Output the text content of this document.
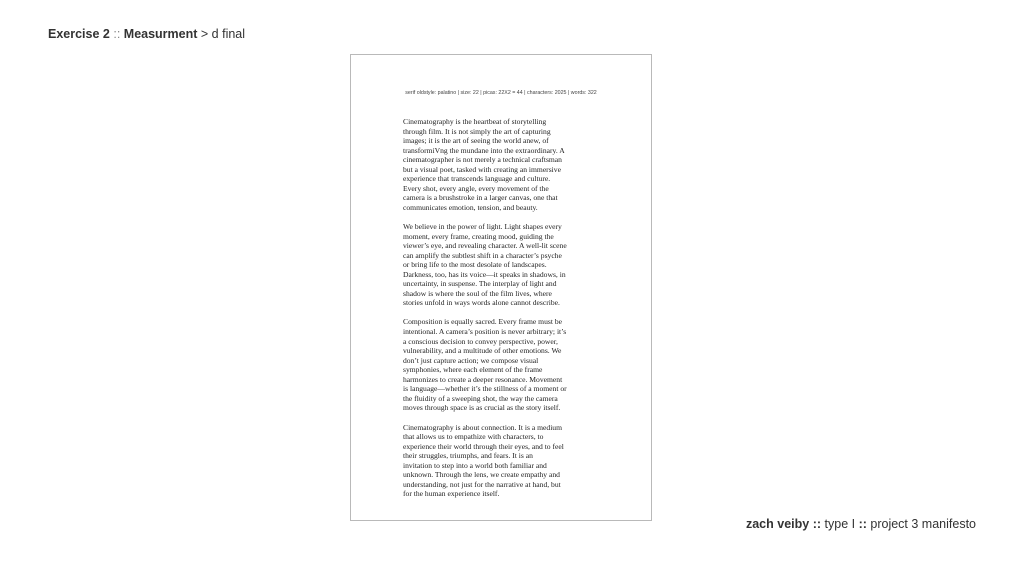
Exercise 2 :: Measurment > d final
serif oldstyle: palatino | size: 22 | picas: 22X2 = 44 | characters: 2025 | words: 322

Cinematography is the heartbeat of storytelling
through film. It is not simply the art of capturing
images; it is the art of seeing the world anew, of
transformiVng the mundane into the extraordinary. A
cinematographer is not merely a technical craftsman
but a visual poet, tasked with creating an immersive
experience that transcends language and culture.
Every shot, every angle, every movement of the
camera is a brushstroke in a larger canvas, one that
communicates emotion, tension, and beauty.

We believe in the power of light. Light shapes every
moment, every frame, creating mood, guiding the
viewer’s eye, and revealing character. A well-lit scene
can amplify the subtlest shift in a character’s psyche
or bring life to the most desolate of landscapes.
Darkness, too, has its voice—it speaks in shadows, in
uncertainty, in suspense. The interplay of light and
shadow is where the soul of the film lives, where
stories unfold in ways words alone cannot describe.

Composition is equally sacred. Every frame must be
intentional. A camera’s position is never arbitrary; it’s
a conscious decision to convey perspective, power,
vulnerability, and a multitude of other emotions. We
don’t just capture action; we compose visual
symphonies, where each element of the frame
harmonizes to create a deeper resonance. Movement
is language—whether it’s the stillness of a moment or
the fluidity of a sweeping shot, the way the camera
moves through space is as crucial as the story itself.

Cinematography is about connection. It is a medium
that allows us to empathize with characters, to
experience their world through their eyes, and to feel
their struggles, triumphs, and fears. It is an
invitation to step into a world both familiar and
unknown. Through the lens, we create empathy and
understanding, not just for the narrative at hand, but
for the human experience itself.

zach veiby :: type I :: project 3 manifesto
